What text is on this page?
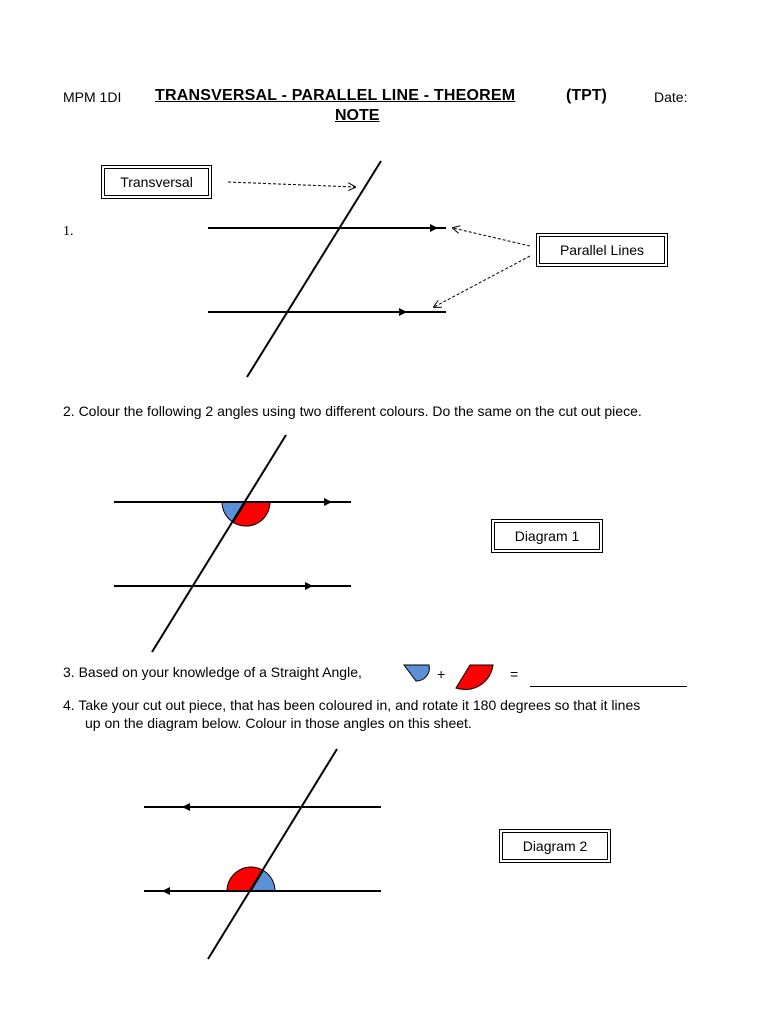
MPM 1DI TRANSVERSAL - PARALLEL LINE - THEOREM	(TPT)	Date:
NOTE
1.
Transversal
Parallel Lines
2. Colour the following 2 angles using two different colours. Do the same on the cut out piece.
Diagram 1
3. Based on your knowledge of a Straight Angle,	+	=
4. Take your cut out piece, that has been coloured in, and rotate it 180 degrees so that it lines
up on the diagram below. Colour in those angles on this sheet.
Diagram 2
